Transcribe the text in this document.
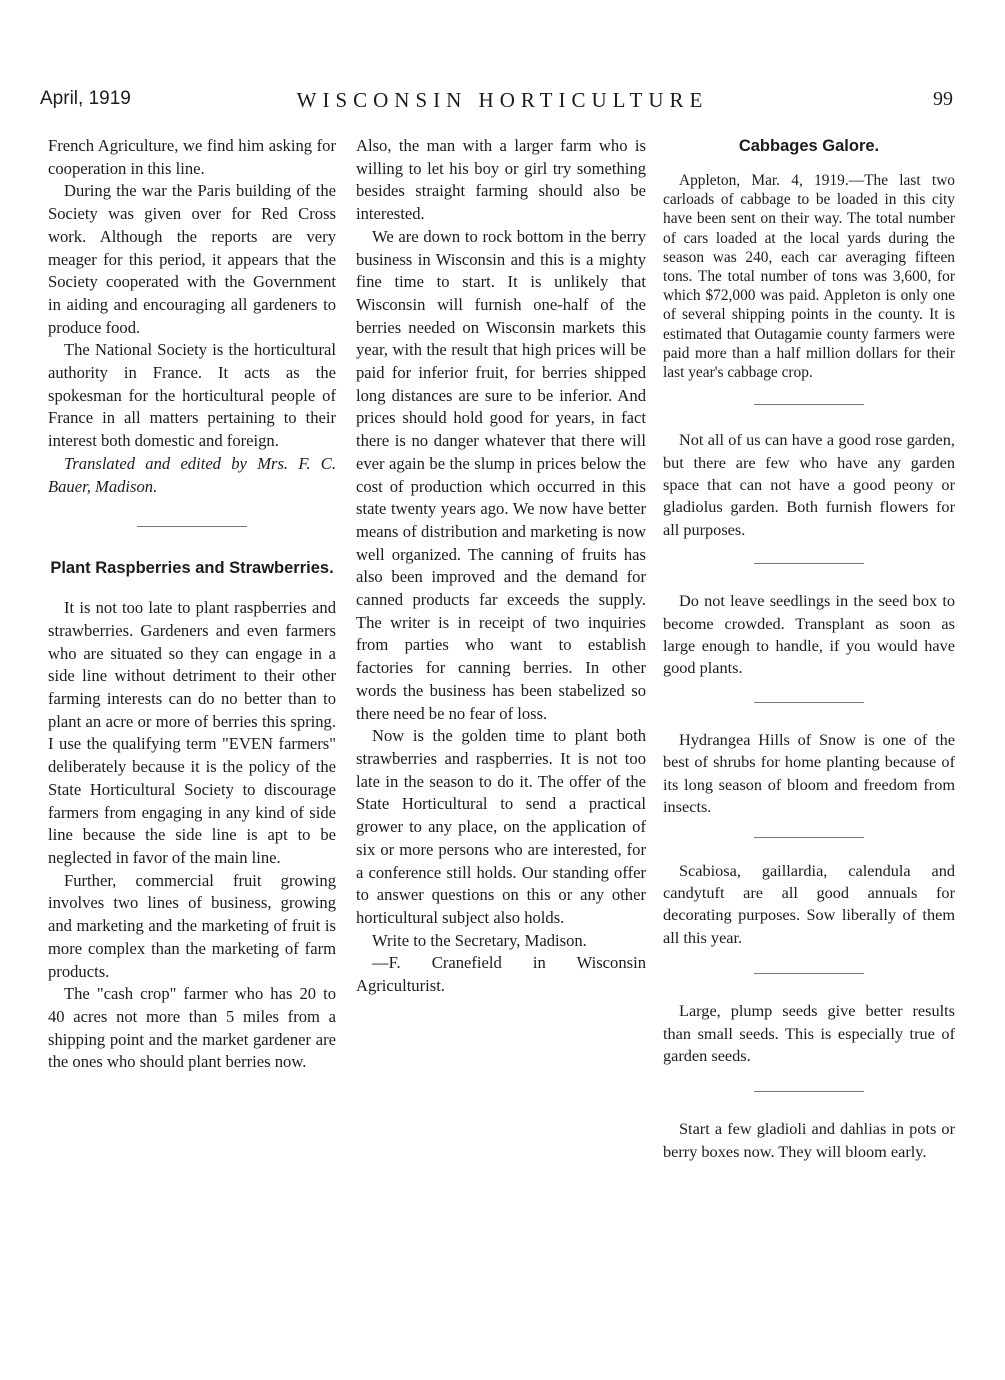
April, 1919	WISCONSIN HORTICULTURE	99

French Agriculture, we find him asking for cooperation in this line.

During the war the Paris building of the Society was given over for Red Cross work. Although the reports are very meager for this period, it appears that the Society cooperated with the Government in aiding and encouraging all gardeners to produce food.

The National Society is the horticultural authority in France. It acts as the spokesman for the horticultural people of France in all matters pertaining to their interest both domestic and foreign.

Translated and edited by Mrs. F. C. Bauer, Madison.

Plant Raspberries and Strawberries.

It is not too late to plant raspberries and strawberries. Gardeners and even farmers who are situated so they can engage in a side line without detriment to their other farming interests can do no better than to plant an acre or more of berries this spring. I use the qualifying term "EVEN farmers" deliberately because it is the policy of the State Horticultural Society to discourage farmers from engaging in any kind of side line because the side line is apt to be neglected in favor of the main line.

Further, commercial fruit growing involves two lines of business, growing and marketing and the marketing of fruit is more complex than the marketing of farm products.

The "cash crop" farmer who has 20 to 40 acres not more than 5 miles from a shipping point and the market gardener are the ones who should plant berries now.

Also, the man with a larger farm who is willing to let his boy or girl try something besides straight farming should also be interested.

We are down to rock bottom in the berry business in Wisconsin and this is a mighty fine time to start. It is unlikely that Wisconsin will furnish one-half of the berries needed on Wisconsin markets this year, with the result that high prices will be paid for inferior fruit, for berries shipped long distances are sure to be inferior. And prices should hold good for years, in fact there is no danger whatever that there will ever again be the slump in prices below the cost of production which occurred in this state twenty years ago. We now have better means of distribution and marketing is now well organized. The canning of fruits has also been improved and the demand for canned products far exceeds the supply. The writer is in receipt of two inquiries from parties who want to establish factories for canning berries. In other words the business has been stabelized so there need be no fear of loss.

Now is the golden time to plant both strawberries and raspberries. It is not too late in the season to do it. The offer of the State Horticultural to send a practical grower to any place, on the application of six or more persons who are interested, for a conference still holds. Our standing offer to answer questions on this or any other horticultural subject also holds.

Write to the Secretary, Madison.

—F. Cranefield in Wisconsin Agriculturist.

Cabbages Galore.

Appleton, Mar. 4, 1919.—The last two carloads of cabbage to be loaded in this city have been sent on their way. The total number of cars loaded at the local yards during the season was 240, each car averaging fifteen tons. The total number of tons was 3,600, for which $72,000 was paid. Appleton is only one of several shipping points in the county. It is estimated that Outagamie county farmers were paid more than a half million dollars for their last year's cabbage crop.

Not all of us can have a good rose garden, but there are few who have any garden space that can not have a good peony or gladiolus garden. Both furnish flowers for all purposes.

Do not leave seedlings in the seed box to become crowded. Transplant as soon as large enough to handle, if you would have good plants.

Hydrangea Hills of Snow is one of the best of shrubs for home planting because of its long season of bloom and freedom from insects.

Scabiosa, gaillardia, calendula and candytuft are all good annuals for decorating purposes. Sow liberally of them all this year.

Large, plump seeds give better results than small seeds. This is especially true of garden seeds.

Start a few gladioli and dahlias in pots or berry boxes now. They will bloom early.
